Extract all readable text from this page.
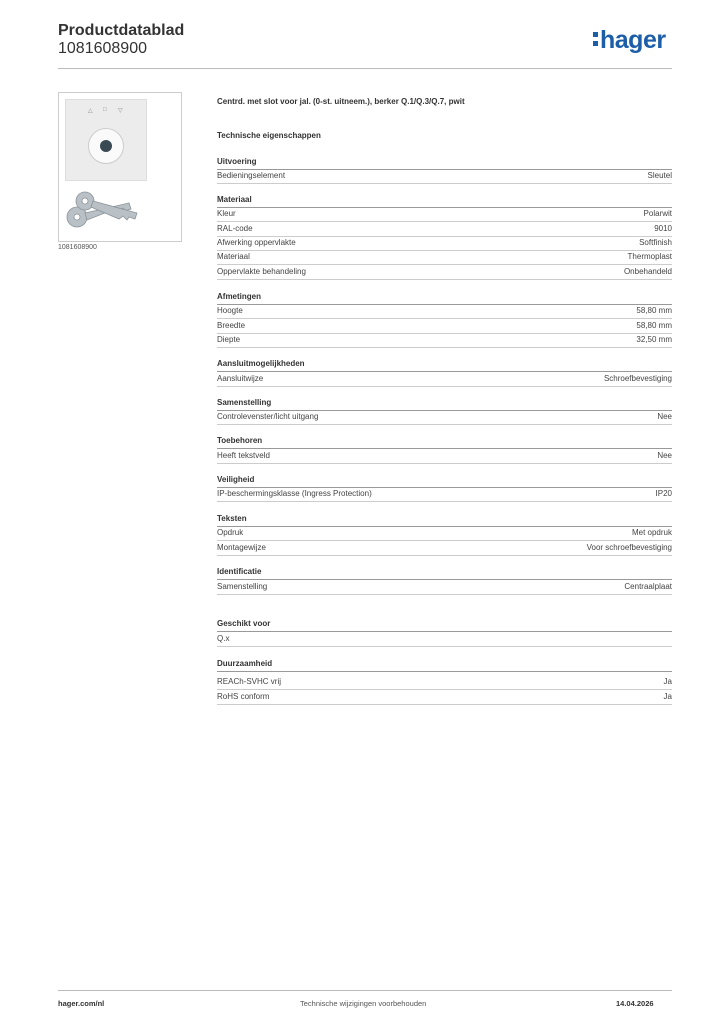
Productdatablad
1081608900	hager
△ □ ▽
1081608900
Centrd. met slot voor jal. (0-st. uitneem.), berker Q.1/Q.3/Q.7, pwit
Technische eigenschappen
Uitvoering
Bedieningselement	Sleutel
Materiaal
Kleur	Polarwit
RAL-code	9010
Afwerking oppervlakte	Softfinish
Materiaal	Thermoplast
Oppervlakte behandeling	Onbehandeld
Afmetingen
Hoogte	58,80 mm
Breedte	58,80 mm
Diepte	32,50 mm
Aansluitmogelijkheden
Aansluitwijze	Schroefbevestiging
Samenstelling
Controlevenster/licht uitgang	Nee
Toebehoren
Heeft tekstveld	Nee
Veiligheid
IP-beschermingsklasse (Ingress Protection)	IP20
Teksten
Opdruk	Met opdruk
Montagewijze	Voor schroefbevestiging
Identificatie
Samenstelling	Centraalplaat
Geschikt voor
Q.x
Duurzaamheid
REACh-SVHC vrij	Ja
RoHS conform	Ja
hager.com/nl	Technische wijzigingen voorbehouden	14.04.2026
